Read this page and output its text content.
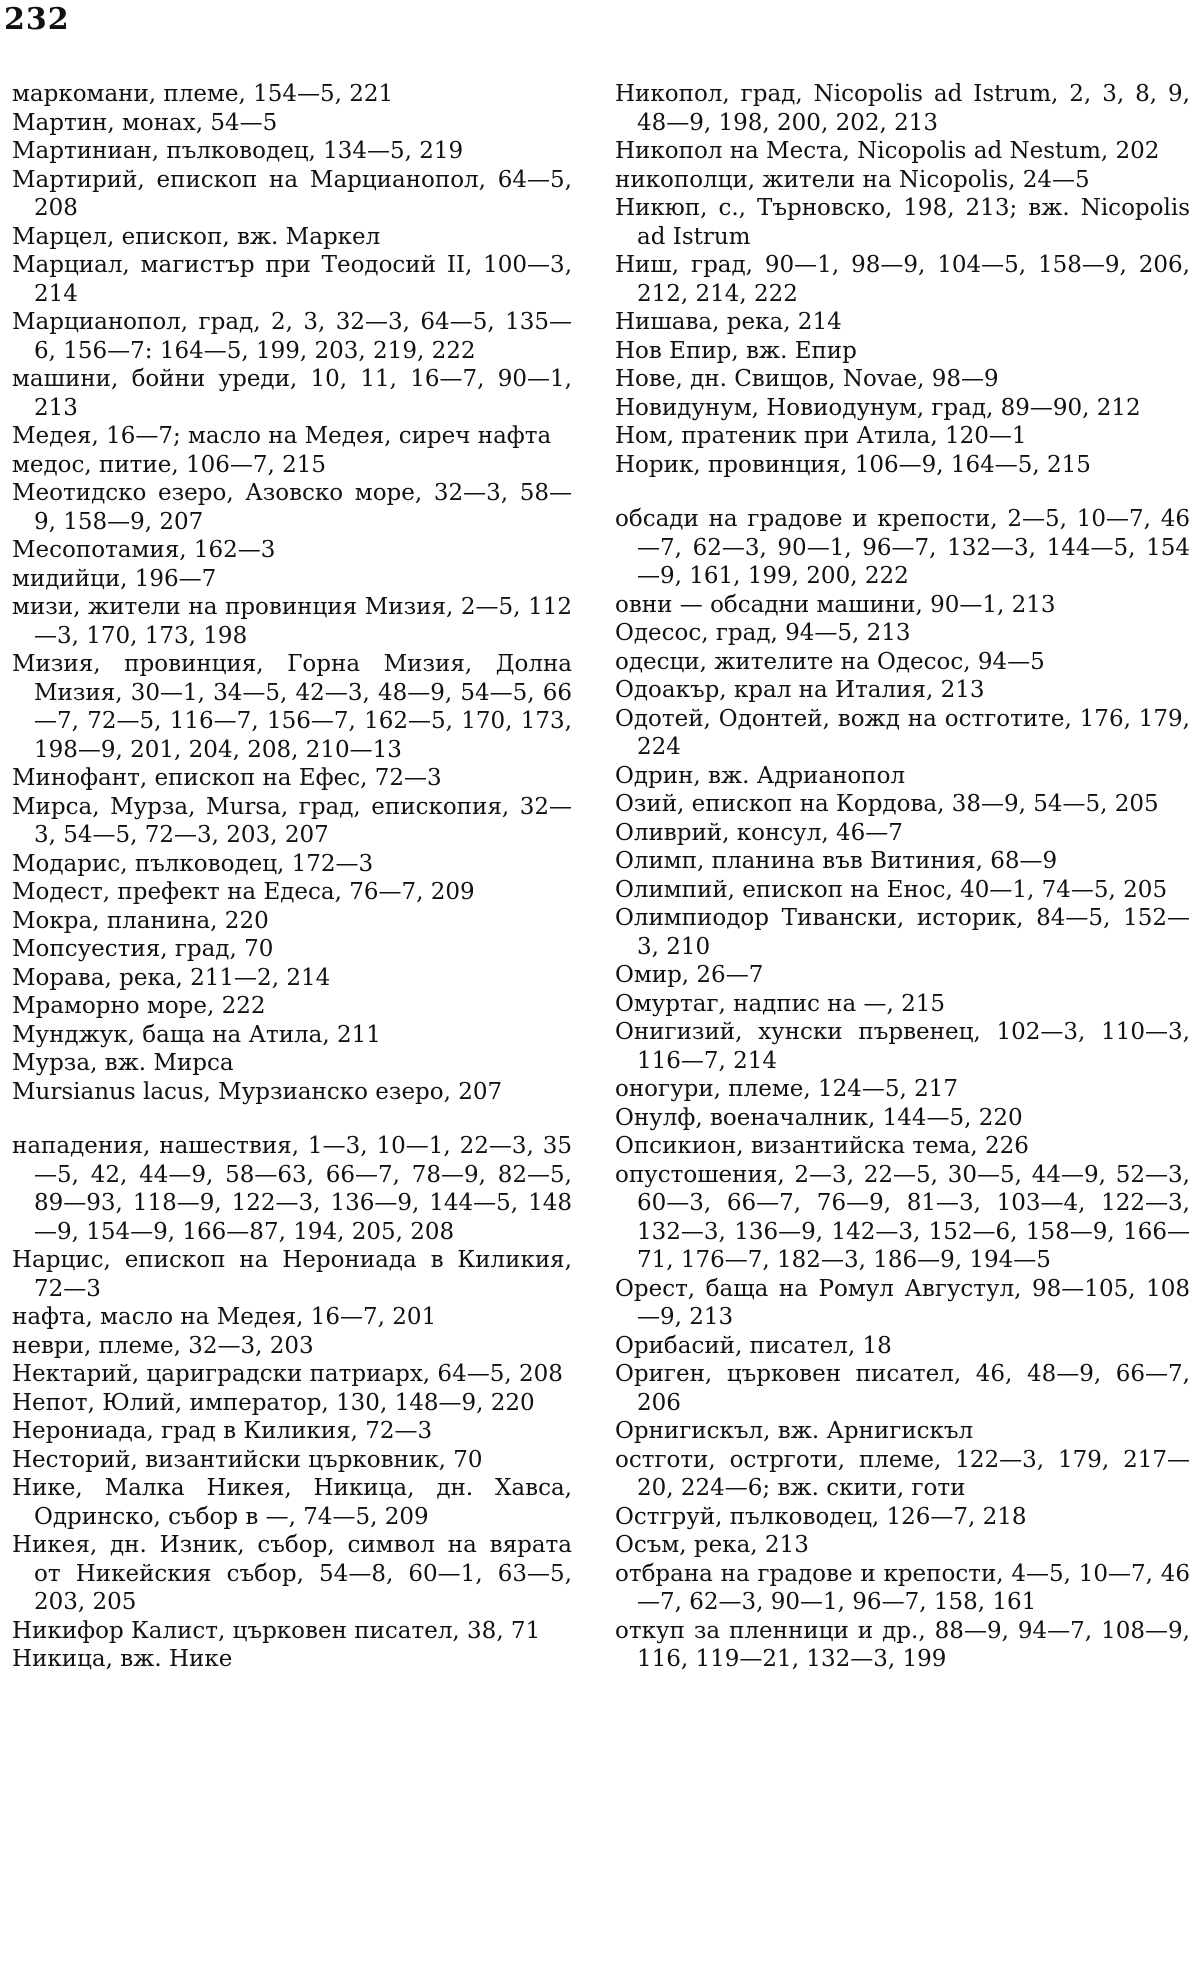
232
маркомани, племе, 154—5, 221
Мартин, монах, 54—5
Мартиниан, пълководец, 134—5, 219
Мартирий, епископ на Марцианопол, 64—5, 208
Марцел, епископ, вж. Маркел
Марциал, магистър при Теодосий II, 100—3, 214
Марцианопол, град, 2, 3, 32—3, 64—5, 135—6, 156—7: 164—5, 199, 203, 219, 222
машини, бойни уреди, 10, 11, 16—7, 90—1, 213
Медея, 16—7; масло на Медея, сиреч нафта
медос, питие, 106—7, 215
Меотидско езеро, Азовско море, 32—3, 58—9, 158—9, 207
Месопотамия, 162—3
мидийци, 196—7
мизи, жители на провинция Мизия, 2—5, 112—3, 170, 173, 198
Мизия, провинция, Горна Мизия, Долна Мизия, 30—1, 34—5, 42—3, 48—9, 54—5, 66—7, 72—5, 116—7, 156—7, 162—5, 170, 173, 198—9, 201, 204, 208, 210—13
Минофант, епископ на Ефес, 72—3
Мирса, Мурза, Mursa, град, епископия, 32—3, 54—5, 72—3, 203, 207
Модарис, пълководец, 172—3
Модест, префект на Едеса, 76—7, 209
Мокра, планина, 220
Мопсуестия, град, 70
Морава, река, 211—2, 214
Мраморно море, 222
Мунджук, баща на Атила, 211
Мурза, вж. Мирса
Mursianus lacus, Мурзианско езеро, 207
нападения, нашествия, 1—3, 10—1, 22—3, 35—5, 42, 44—9, 58—63, 66—7, 78—9, 82—5, 89—93, 118—9, 122—3, 136—9, 144—5, 148—9, 154—9, 166—87, 194, 205, 208
Нарцис, епископ на Нерониада в Киликия, 72—3
нафта, масло на Медея, 16—7, 201
неври, племе, 32—3, 203
Нектарий, цариградски патриарх, 64—5, 208
Непот, Юлий, император, 130, 148—9, 220
Нерониада, град в Киликия, 72—3
Несторий, византийски църковник, 70
Нике, Малка Никея, Никица, дн. Хавса, Одринско, събор в —, 74—5, 209
Никея, дн. Изник, събор, символ на вярата от Никейския събор, 54—8, 60—1, 63—5, 203, 205
Никифор Калист, църковен писател, 38, 71
Никица, вж. Нике
Никопол, град, Nicopolis ad Istrum, 2, 3, 8, 9, 48—9, 198, 200, 202, 213
Никопол на Места, Nicopolis ad Nestum, 202
никополци, жители на Nicopolis, 24—5
Никюп, с., Търновско, 198, 213; вж. Nicopolis ad Istrum
Ниш, град, 90—1, 98—9, 104—5, 158—9, 206, 212, 214, 222
Нишава, река, 214
Нов Епир, вж. Епир
Нове, дн. Свищов, Novae, 98—9
Новидунум, Новиодунум, град, 89—90, 212
Ном, пратеник при Атила, 120—1
Норик, провинция, 106—9, 164—5, 215
обсади на градове и крепости, 2—5, 10—7, 46—7, 62—3, 90—1, 96—7, 132—3, 144—5, 154—9, 161, 199, 200, 222
овни — обсадни машини, 90—1, 213
Одесос, град, 94—5, 213
одесци, жителите на Одесос, 94—5
Одоакър, крал на Италия, 213
Одотей, Одонтей, вожд на остготите, 176, 179, 224
Одрин, вж. Адрианопол
Озий, епископ на Кордова, 38—9, 54—5, 205
Оливрий, консул, 46—7
Олимп, планина във Витиния, 68—9
Олимпий, епископ на Енос, 40—1, 74—5, 205
Олимпиодор Тивански, историк, 84—5, 152—3, 210
Омир, 26—7
Омуртаг, надпис на —, 215
Онигизий, хунски първенец, 102—3, 110—3, 116—7, 214
оногури, племе, 124—5, 217
Онулф, военачалник, 144—5, 220
Опсикион, византийска тема, 226
опустошения, 2—3, 22—5, 30—5, 44—9, 52—3, 60—3, 66—7, 76—9, 81—3, 103—4, 122—3, 132—3, 136—9, 142—3, 152—6, 158—9, 166—71, 176—7, 182—3, 186—9, 194—5
Орест, баща на Ромул Августул, 98—105, 108—9, 213
Орибасий, писател, 18
Ориген, църковен писател, 46, 48—9, 66—7, 206
Орнигискъл, вж. Арнигискъл
остготи, острготи, племе, 122—3, 179, 217—20, 224—6; вж. скити, готи
Остгруй, пълководец, 126—7, 218
Осъм, река, 213
отбрана на градове и крепости, 4—5, 10—7, 46—7, 62—3, 90—1, 96—7, 158, 161
откуп за пленници и др., 88—9, 94—7, 108—9, 116, 119—21, 132—3, 199
